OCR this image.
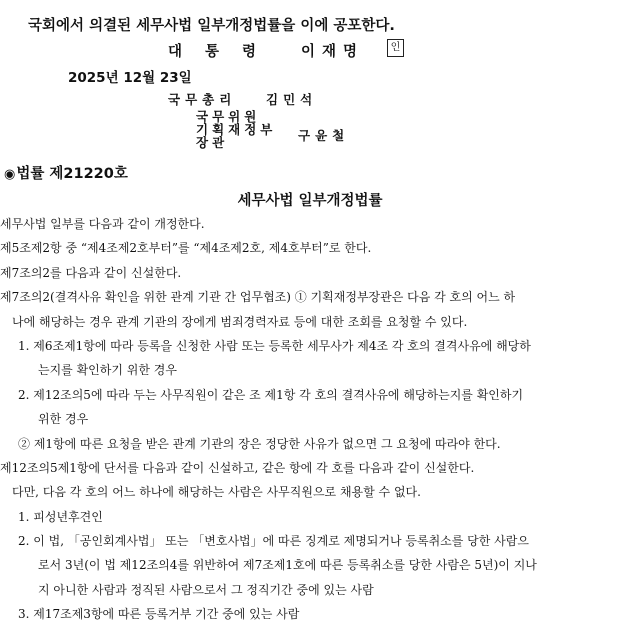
국회에서 의결된 세무사법 일부개정법률을 이에 공포한다.
대통령 이재명	인
2025년 12월 23일
국무총리 김민석
국무위원
기획재정부
장관	구윤철
◉법률 제21220호
세무사법 일부개정법률
세무사법 일부를 다음과 같이 개정한다.
제5조제2항 중 “제4조제2호부터”를 “제4조제2호, 제4호부터”로 한다.
제7조의2를 다음과 같이 신설한다.
제7조의2(결격사유 확인을 위한 관계 기관 간 업무협조) ① 기획재정부장관은 다음 각 호의 어느 하
나에 해당하는 경우 관계 기관의 장에게 범죄경력자료 등에 대한 조회를 요청할 수 있다.
1. 제6조제1항에 따라 등록을 신청한 사람 또는 등록한 세무사가 제4조 각 호의 결격사유에 해당하
는지를 확인하기 위한 경우
2. 제12조의5에 따라 두는 사무직원이 같은 조 제1항 각 호의 결격사유에 해당하는지를 확인하기
위한 경우
② 제1항에 따른 요청을 받은 관계 기관의 장은 정당한 사유가 없으면 그 요청에 따라야 한다.
제12조의5제1항에 단서를 다음과 같이 신설하고, 같은 항에 각 호를 다음과 같이 신설한다.
다만, 다음 각 호의 어느 하나에 해당하는 사람은 사무직원으로 채용할 수 없다.
1. 피성년후견인
2. 이 법, 「공인회계사법」 또는 「변호사법」에 따른 징계로 제명되거나 등록취소를 당한 사람으
로서 3년(이 법 제12조의4를 위반하여 제7조제1호에 따른 등록취소를 당한 사람은 5년)이 지나
지 아니한 사람과 정직된 사람으로서 그 정직기간 중에 있는 사람
3. 제17조제3항에 따른 등록거부 기간 중에 있는 사람
